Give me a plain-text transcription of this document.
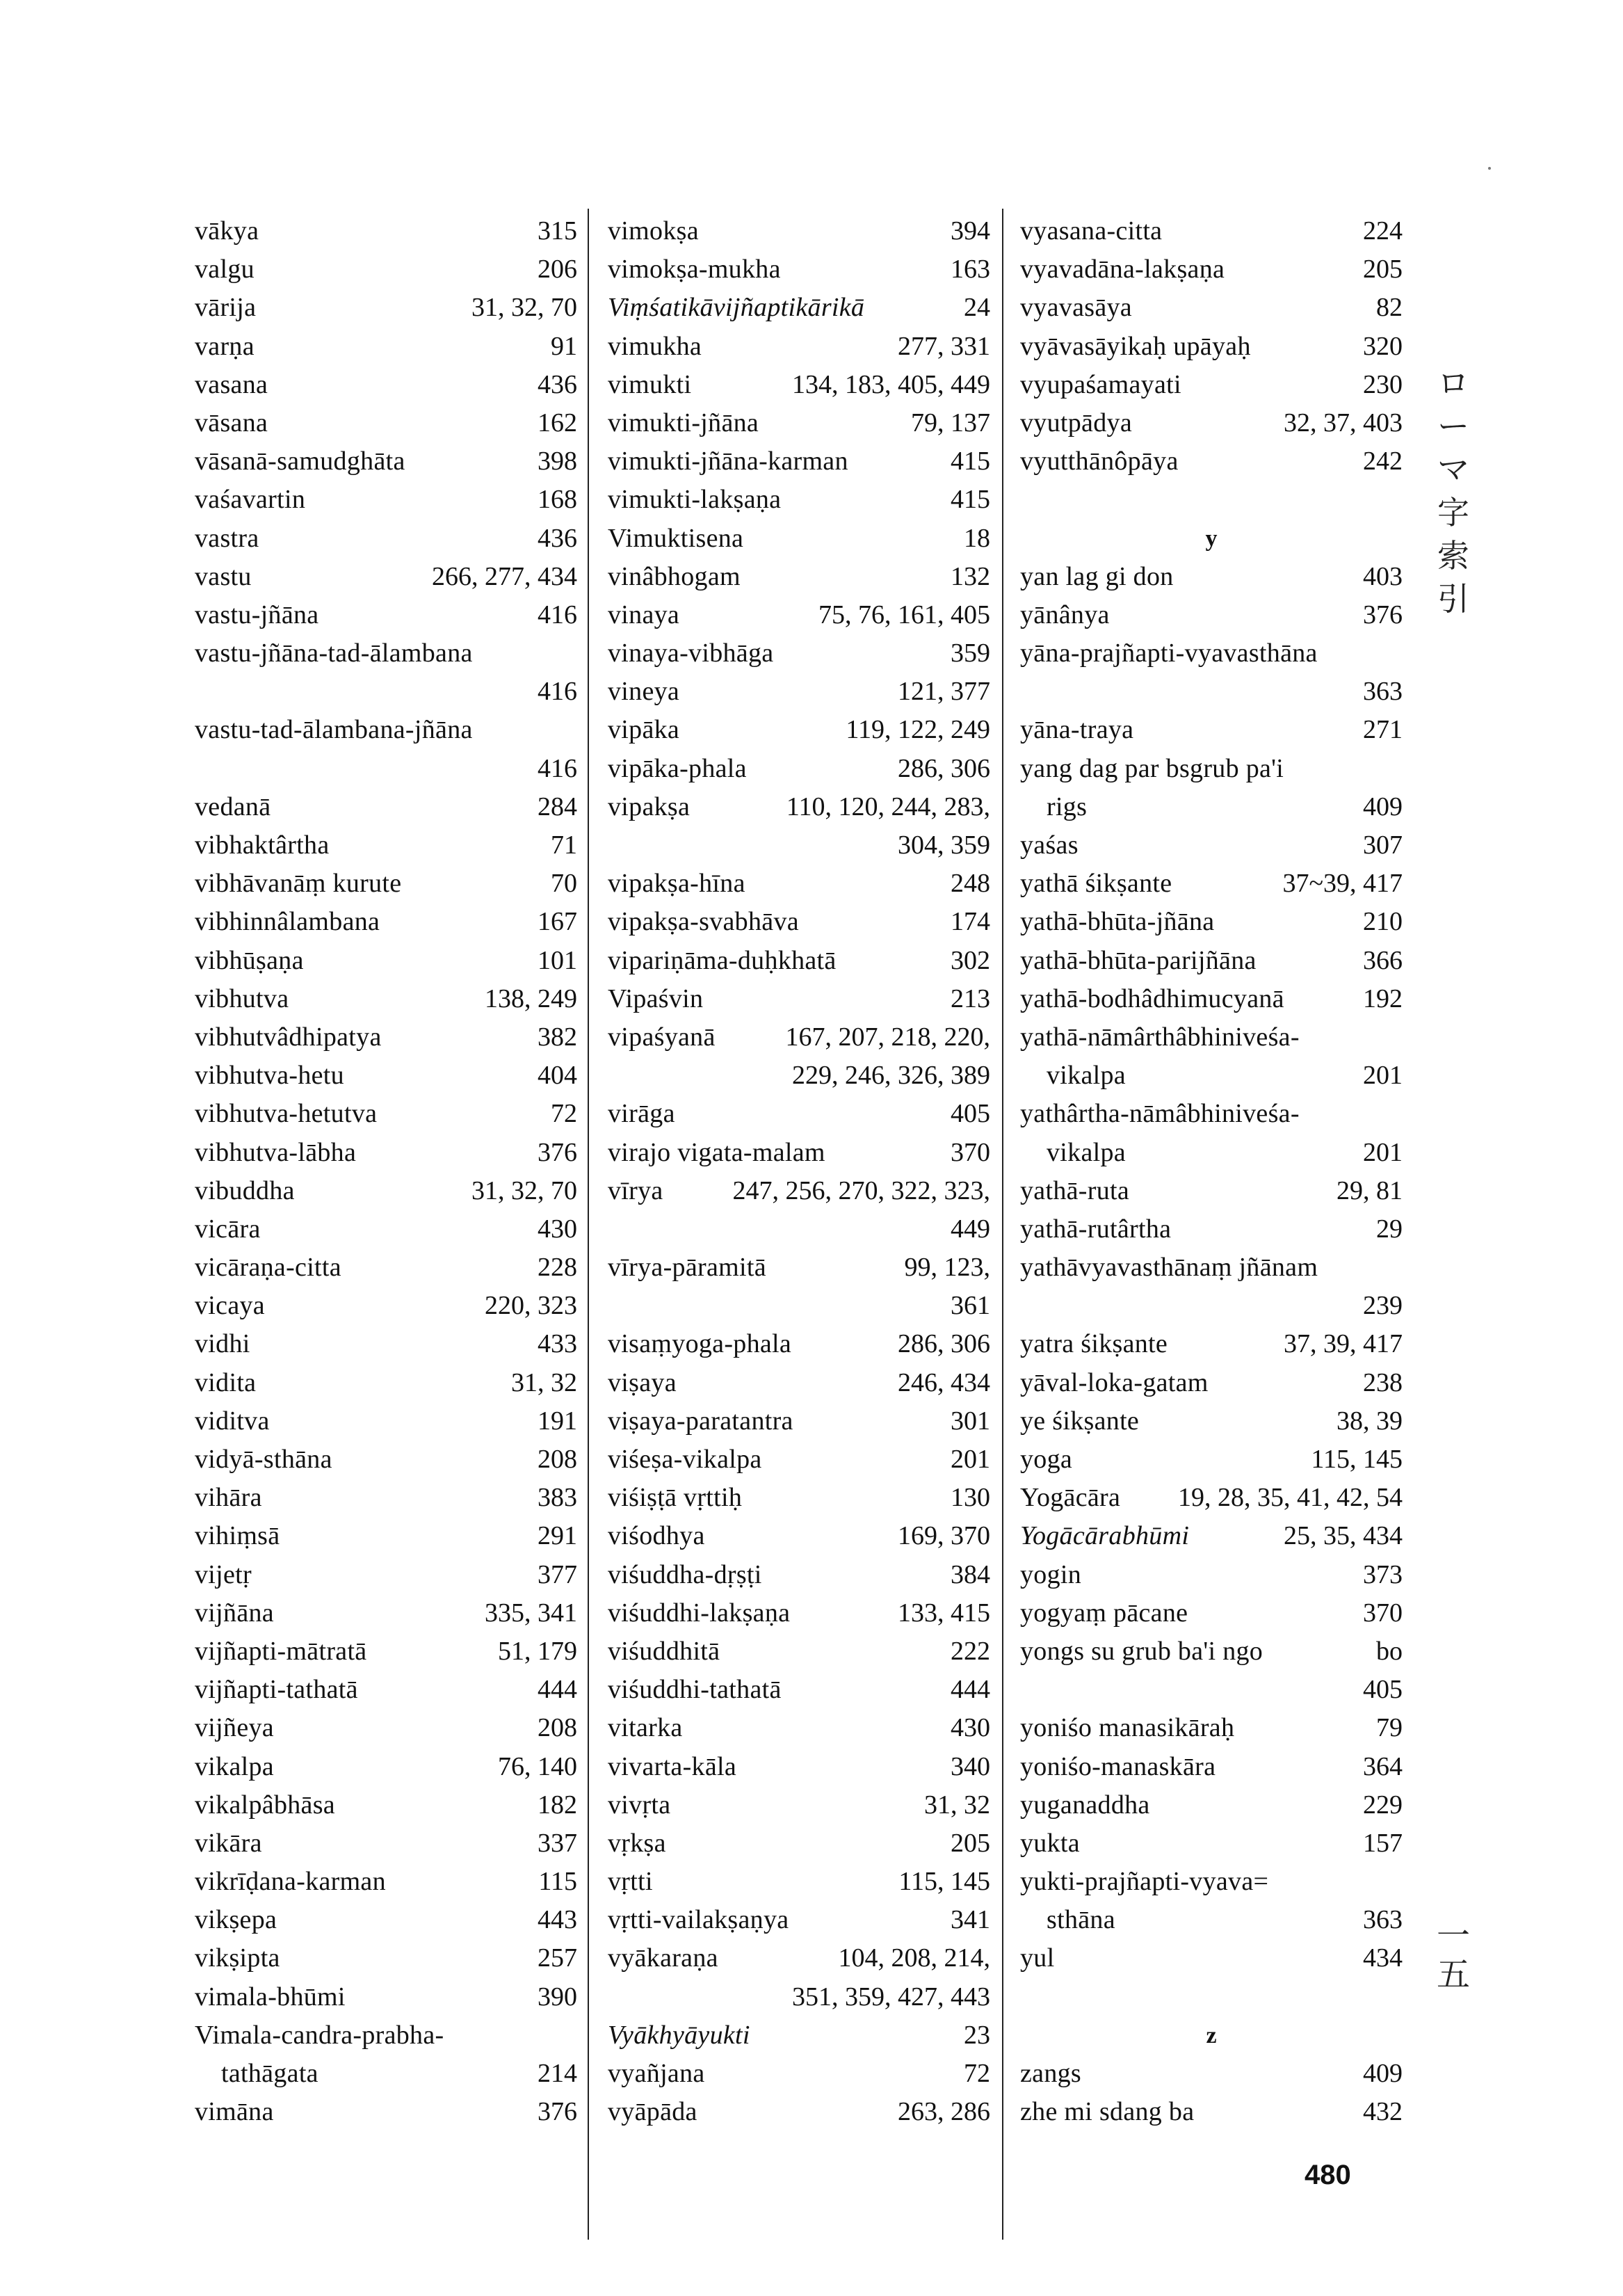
vākya	315
valgu	206
vārija	31, 32, 70
varṇa	91
vasana	436
vāsana	162
vāsanā-samudghāta	398
vaśavartin	168
vastra	436
vastu	266, 277, 434
vastu-jñāna	416
vastu-jñāna-tad-ālambana
416
vastu-tad-ālambana-jñāna
416
vedanā	284
vibhaktârtha	71
vibhāvanāṃ kurute	70
vibhinnâlambana	167
vibhūṣaṇa	101
vibhutva	138, 249
vibhutvâdhipatya	382
vibhutva-hetu	404
vibhutva-hetutva	72
vibhutva-lābha	376
vibuddha	31, 32, 70
vicāra	430
vicāraṇa-citta	228
vicaya	220, 323
vidhi	433
vidita	31, 32
viditva	191
vidyā-sthāna	208
vihāra	383
vihiṃsā	291
vijetṛ	377
vijñāna	335, 341
vijñapti-mātratā	51, 179
vijñapti-tathatā	444
vijñeya	208
vikalpa	76, 140
vikalpâbhāsa	182
vikāra	337
vikrīḍana-karman	115
vikṣepa	443
vikṣipta	257
vimala-bhūmi	390
Vimala-candra-prabha-
tathāgata	214
vimāna	376
vimokṣa	394
vimokṣa-mukha	163
Viṃśatikāvijñaptikārikā	24
vimukha	277, 331
vimukti	134, 183, 405, 449
vimukti-jñāna	79, 137
vimukti-jñāna-karman	415
vimukti-lakṣaṇa	415
Vimuktisena	18
vinâbhogam	132
vinaya	75, 76, 161, 405
vinaya-vibhāga	359
vineya	121, 377
vipāka	119, 122, 249
vipāka-phala	286, 306
vipakṣa	110, 120, 244, 283,
304, 359
vipakṣa-hīna	248
vipakṣa-svabhāva	174
vipariṇāma-duḥkhatā	302
Vipaśvin	213
vipaśyanā	167, 207, 218, 220,
229, 246, 326, 389
virāga	405
virajo vigata-malam	370
vīrya	247, 256, 270, 322, 323,
449
vīrya-pāramitā	99, 123,
361
visaṃyoga-phala	286, 306
viṣaya	246, 434
viṣaya-paratantra	301
viśeṣa-vikalpa	201
viśiṣṭā vṛttiḥ	130
viśodhya	169, 370
viśuddha-dṛṣṭi	384
viśuddhi-lakṣaṇa	133, 415
viśuddhitā	222
viśuddhi-tathatā	444
vitarka	430
vivarta-kāla	340
vivṛta	31, 32
vṛkṣa	205
vṛtti	115, 145
vṛtti-vailakṣaṇya	341
vyākaraṇa	104, 208, 214,
351, 359, 427, 443
Vyākhyāyukti	23
vyañjana	72
vyāpāda	263, 286
vyasana-citta	224
vyavadāna-lakṣaṇa	205
vyavasāya	82
vyāvasāyikaḥ upāyaḥ	320
vyupaśamayati	230
vyutpādya	32, 37, 403
vyutthānôpāya	242
y
yan lag gi don	403
yānânya	376
yāna-prajñapti-vyavasthāna
363
yāna-traya	271
yang dag par bsgrub pa'i
rigs	409
yaśas	307
yathā śikṣante	37~39, 417
yathā-bhūta-jñāna	210
yathā-bhūta-parijñāna	366
yathā-bodhâdhimucyanā	192
yathā-nāmârthâbhiniveśa-
vikalpa	201
yathârtha-nāmâbhiniveśa-
vikalpa	201
yathā-ruta	29, 81
yathā-rutârtha	29
yathāvyavasthānaṃ jñānam
239
yatra śikṣante	37, 39, 417
yāval-loka-gatam	238
ye śikṣante	38, 39
yoga	115, 145
Yogācāra 19, 28, 35, 41, 42, 54
Yogācārabhūmi	25, 35, 434
yogin	373
yogyaṃ pācane	370
yongs su grub ba'i ngo	bo
405
yoniśo manasikāraḥ	79
yoniśo-manaskāra	364
yuganaddha	229
yukta	157
yukti-prajñapti-vyava=
sthāna	363
yul	434
z
zangs	409
zhe mi sdang ba	432
ロ
ー
マ
字
索
引
一
五
480
